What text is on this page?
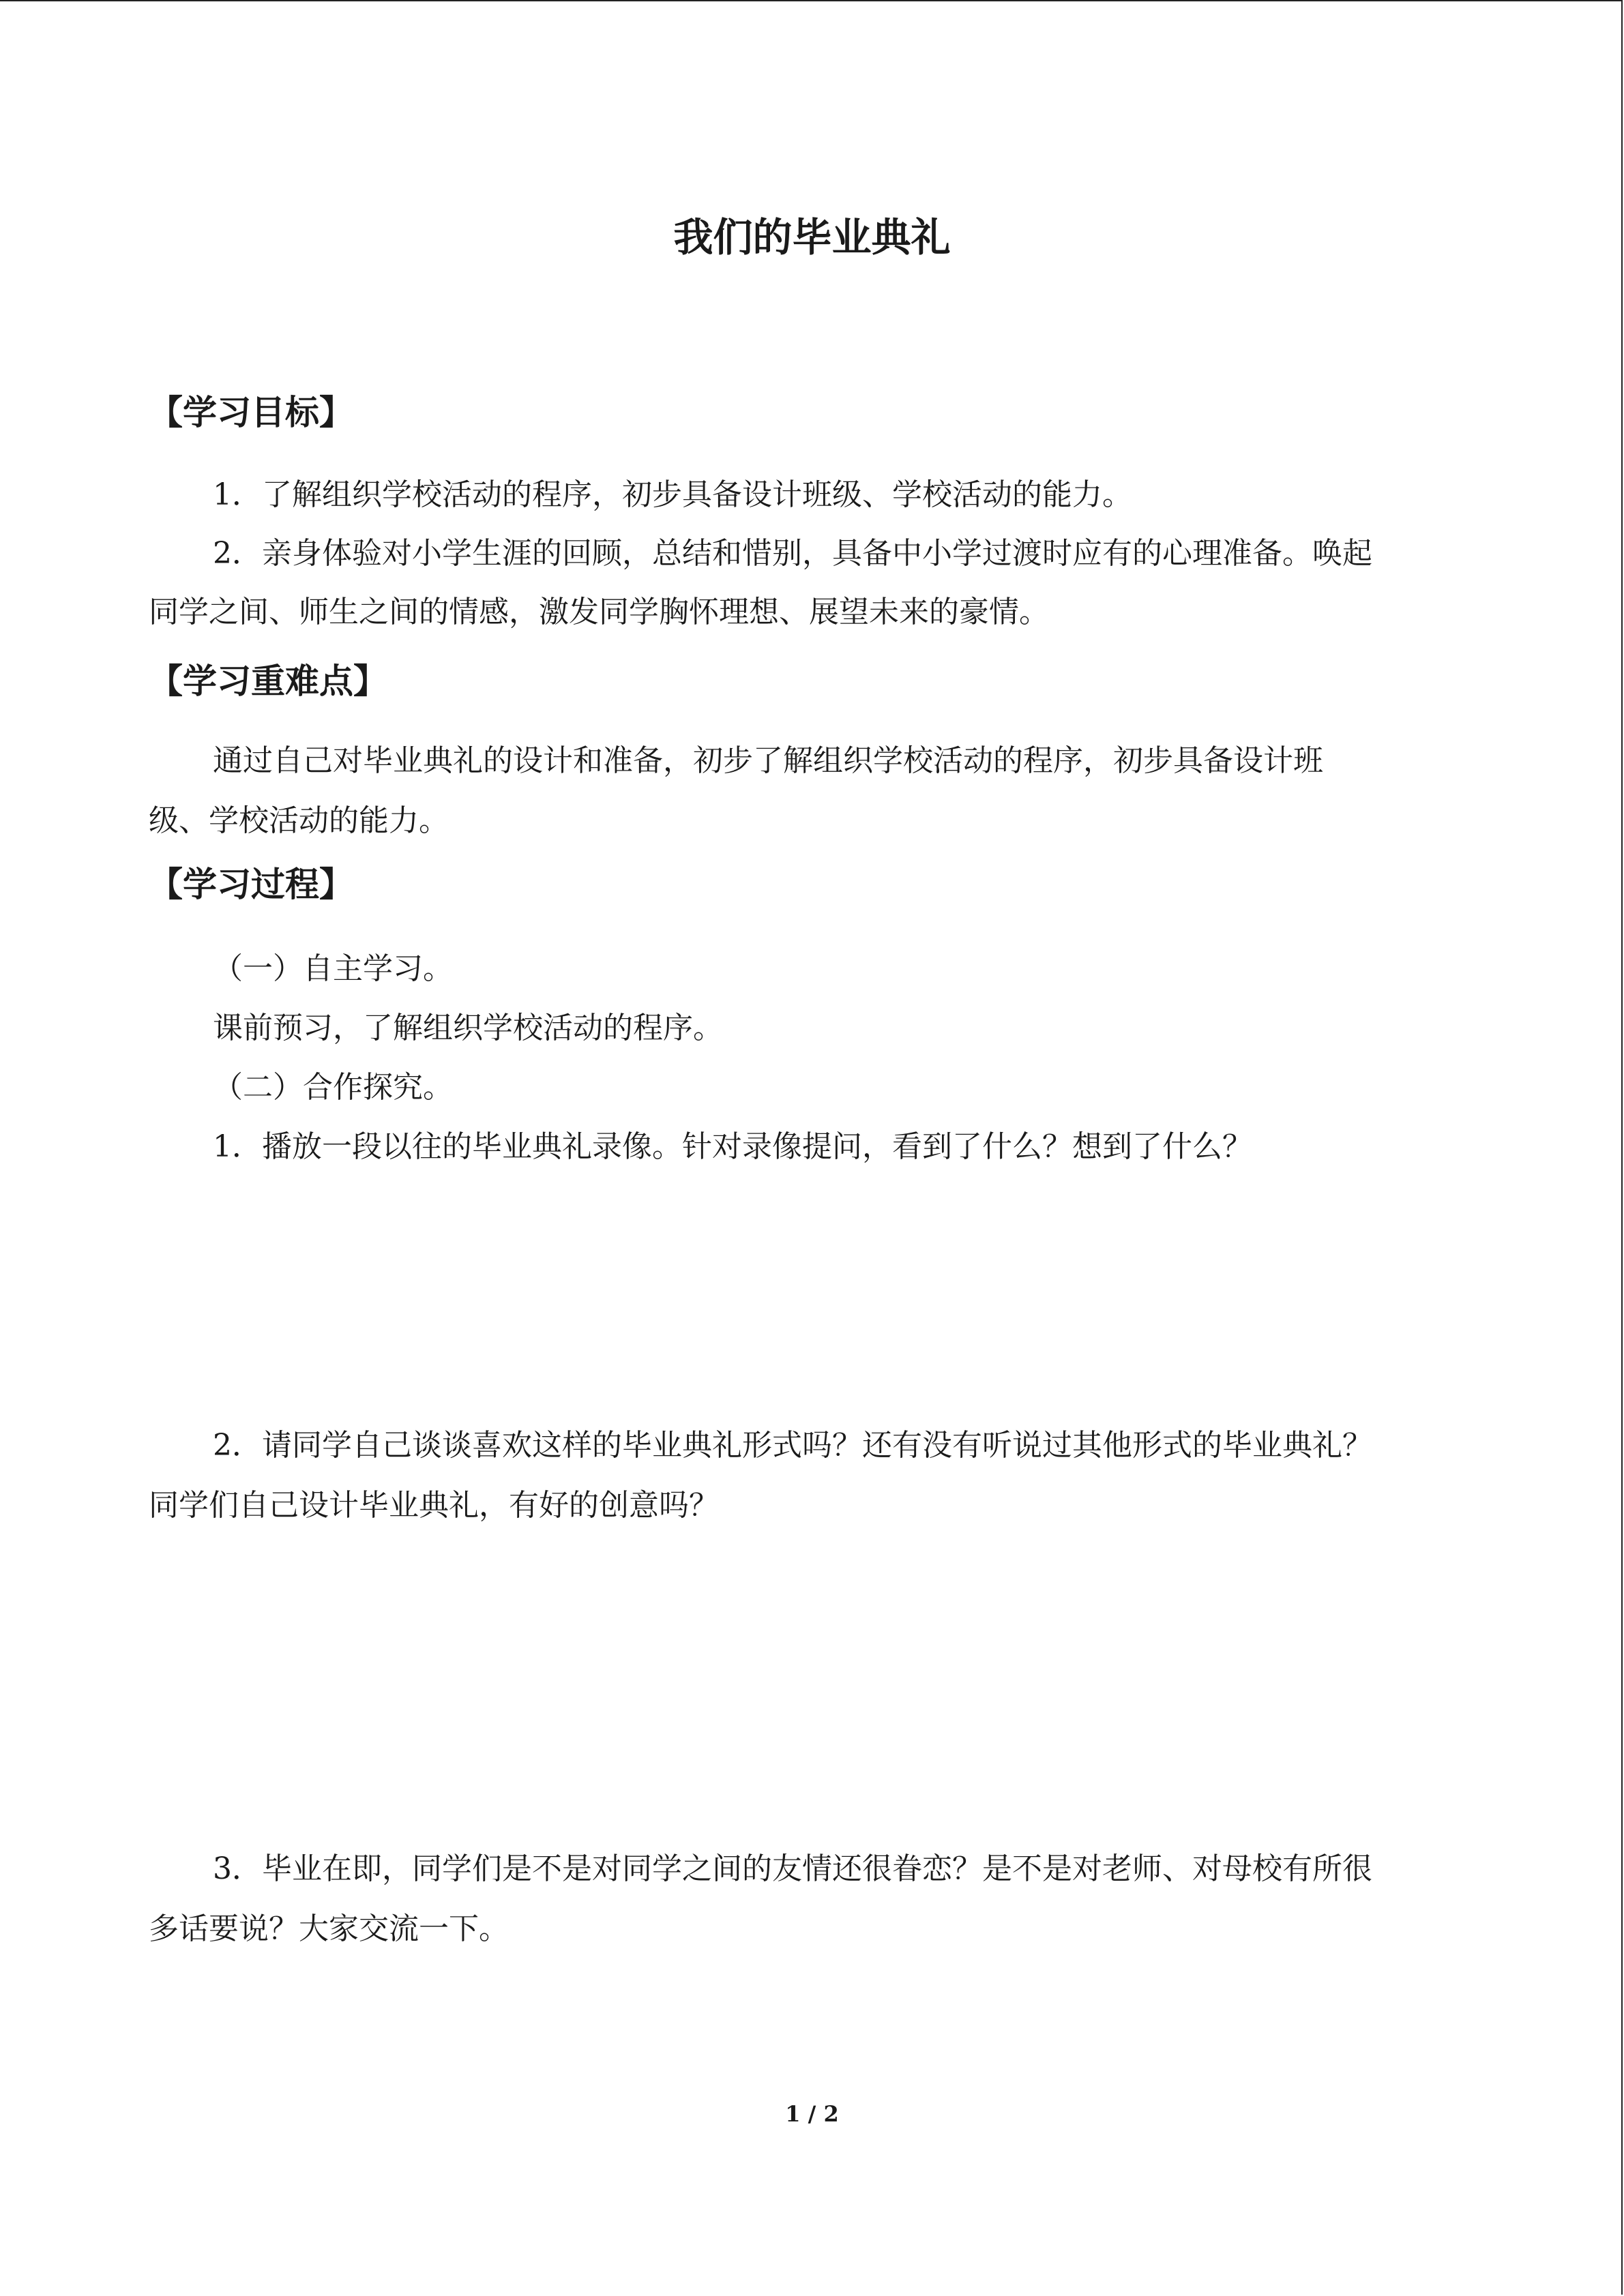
我们的毕业典礼
【学习目标】

1．了解组织学校活动的程序，初步具备设计班级、学校活动的能力。

2．亲身体验对小学生涯的回顾，总结和惜别，具备中小学过渡时应有的心理准备。唤起

同学之间、师生之间的情感，激发同学胸怀理想、展望未来的豪情。

【学习重难点】

通过自己对毕业典礼的设计和准备，初步了解组织学校活动的程序，初步具备设计班

级、学校活动的能力。

【学习过程】

（一）自主学习。

课前预习，了解组织学校活动的程序。

（二）合作探究。

1．播放一段以往的毕业典礼录像。针对录像提问，看到了什么？想到了什么？

2．请同学自己谈谈喜欢这样的毕业典礼形式吗？还有没有听说过其他形式的毕业典礼？

同学们自己设计毕业典礼，有好的创意吗？

3．毕业在即，同学们是不是对同学之间的友情还很眷恋？是不是对老师、对母校有所很

多话要说？大家交流一下。

1 / 2
